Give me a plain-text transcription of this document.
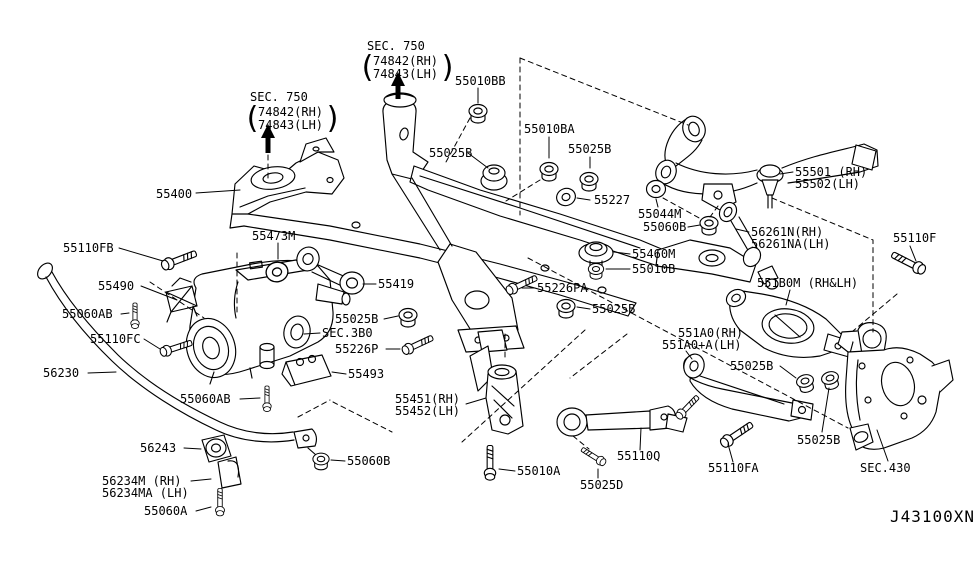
SEC. 750
74842(RH)
74843(LH)
( )
SEC. 750
74842(RH)
74843(LH)
( )
55010BB
55025B
55010BA
55025B
55227
55044M
55060B
55501 (RH)
55502(LH)
56261N(RH)
56261NA(LH)	55110F
55400
55110FB
55473M
55490
55060AB
55110FC
56230
55419
55025B
SEC.3B0
55226P
55493
55451(RH)
55452(LH)
55460M
55010B
55226PA
55025B
551B0M (RH&LH)
551A0(RH)
551A0+A(LH)
55025B
55025B
55060AB
56243
56234M (RH)
56234MA (LH)
55060A
55060B
55010A
55025D
55110Q
55110FA	SEC.430
J43100XN
